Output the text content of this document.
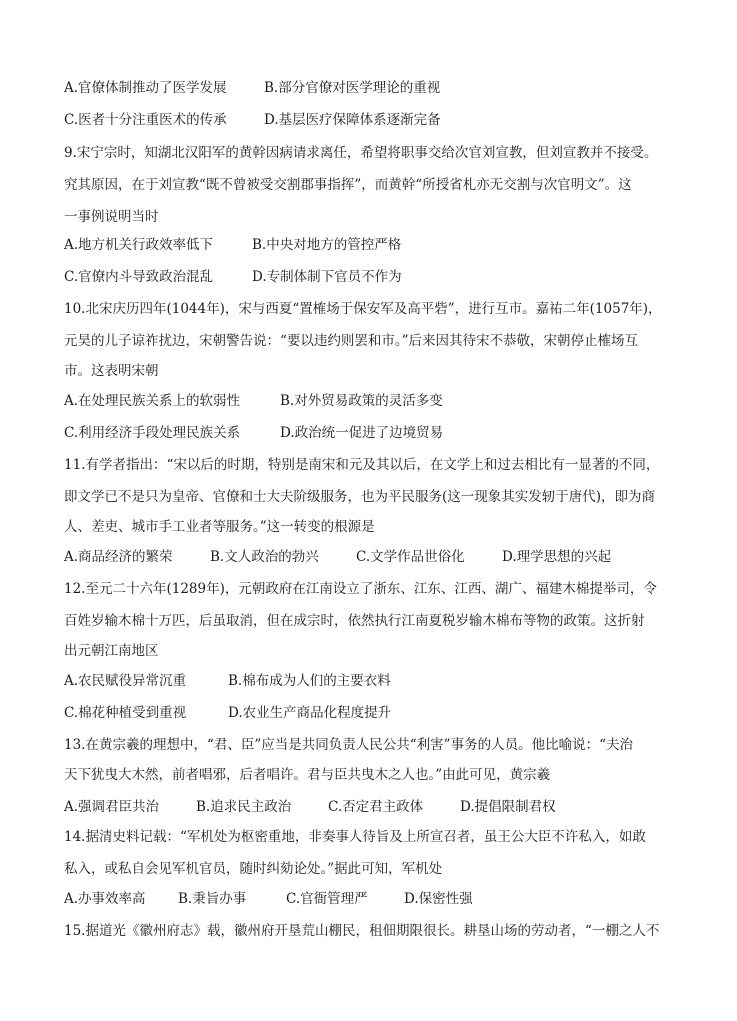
A.官僚体制推动了医学发展	B.部分官僚对医学理论的重视
C.医者十分注重医术的传承	D.基层医疗保障体系逐渐完备
9.宋宁宗时，知湖北汉阳军的黄幹因病请求离任，希望将职事交给次官刘宣教，但刘宣教并不接受。
究其原因，在于刘宣教“既不曾被受交割郡事指挥”，而黄幹“所授省札亦无交割与次官明文”。这
一事例说明当时
A.地方机关行政效率低下	B.中央对地方的管控严格
C.官僚内斗导致政治混乱	D.专制体制下官员不作为
10.北宋庆历四年(1044年)，宋与西夏“置榷场于保安军及高平砦”，进行互市。嘉祐二年(1057年)，
元昊的儿子谅祚扰边，宋朝警告说：“要以违约则罢和市。”后来因其待宋不恭敬，宋朝停止榷场互
市。这表明宋朝
A.在处理民族关系上的软弱性	B.对外贸易政策的灵活多变
C.利用经济手段处理民族关系	D.政治统一促进了边境贸易
11.有学者指出：“宋以后的时期，特别是南宋和元及其以后，在文学上和过去相比有一显著的不同，
即文学已不是只为皇帝、官僚和士大夫阶级服务，也为平民服务(这一现象其实发轫于唐代)，即为商
人、差吏、城市手工业者等服务。”这一转变的根源是
A.商品经济的繁荣	B.文人政治的勃兴	C.文学作品世俗化	D.理学思想的兴起
12.至元二十六年(1289年)，元朝政府在江南设立了浙东、江东、江西、湖广、福建木棉提举司，令
百姓岁输木棉十万匹，后虽取消，但在成宗时，依然执行江南夏税岁输木棉布等物的政策。这折射
出元朝江南地区
A.农民赋役异常沉重	B.棉布成为人们的主要衣料
C.棉花种植受到重视	D.农业生产商品化程度提升
13.在黄宗羲的理想中，“君、臣”应当是共同负责人民公共“利害”事务的人员。他比喻说：“夫治
天下犹曳大木然，前者唱邪，后者唱许。君与臣共曳木之人也。”由此可见，黄宗羲
A.强调君臣共治	B.追求民主政治	C.否定君主政体	D.提倡限制君权
14.据清史料记载：“军机处为枢密重地，非奏事人待旨及上所宣召者，虽王公大臣不许私入，如敢
私入，或私自会见军机官员，随时纠劾论处。”据此可知，军机处
A.办事效率高 B.秉旨办事	C.官衙管理严	D.保密性强
15.据道光《徽州府志》载，徽州府开垦荒山棚民，租佃期限很长。耕垦山场的劳动者，“一棚之人不
